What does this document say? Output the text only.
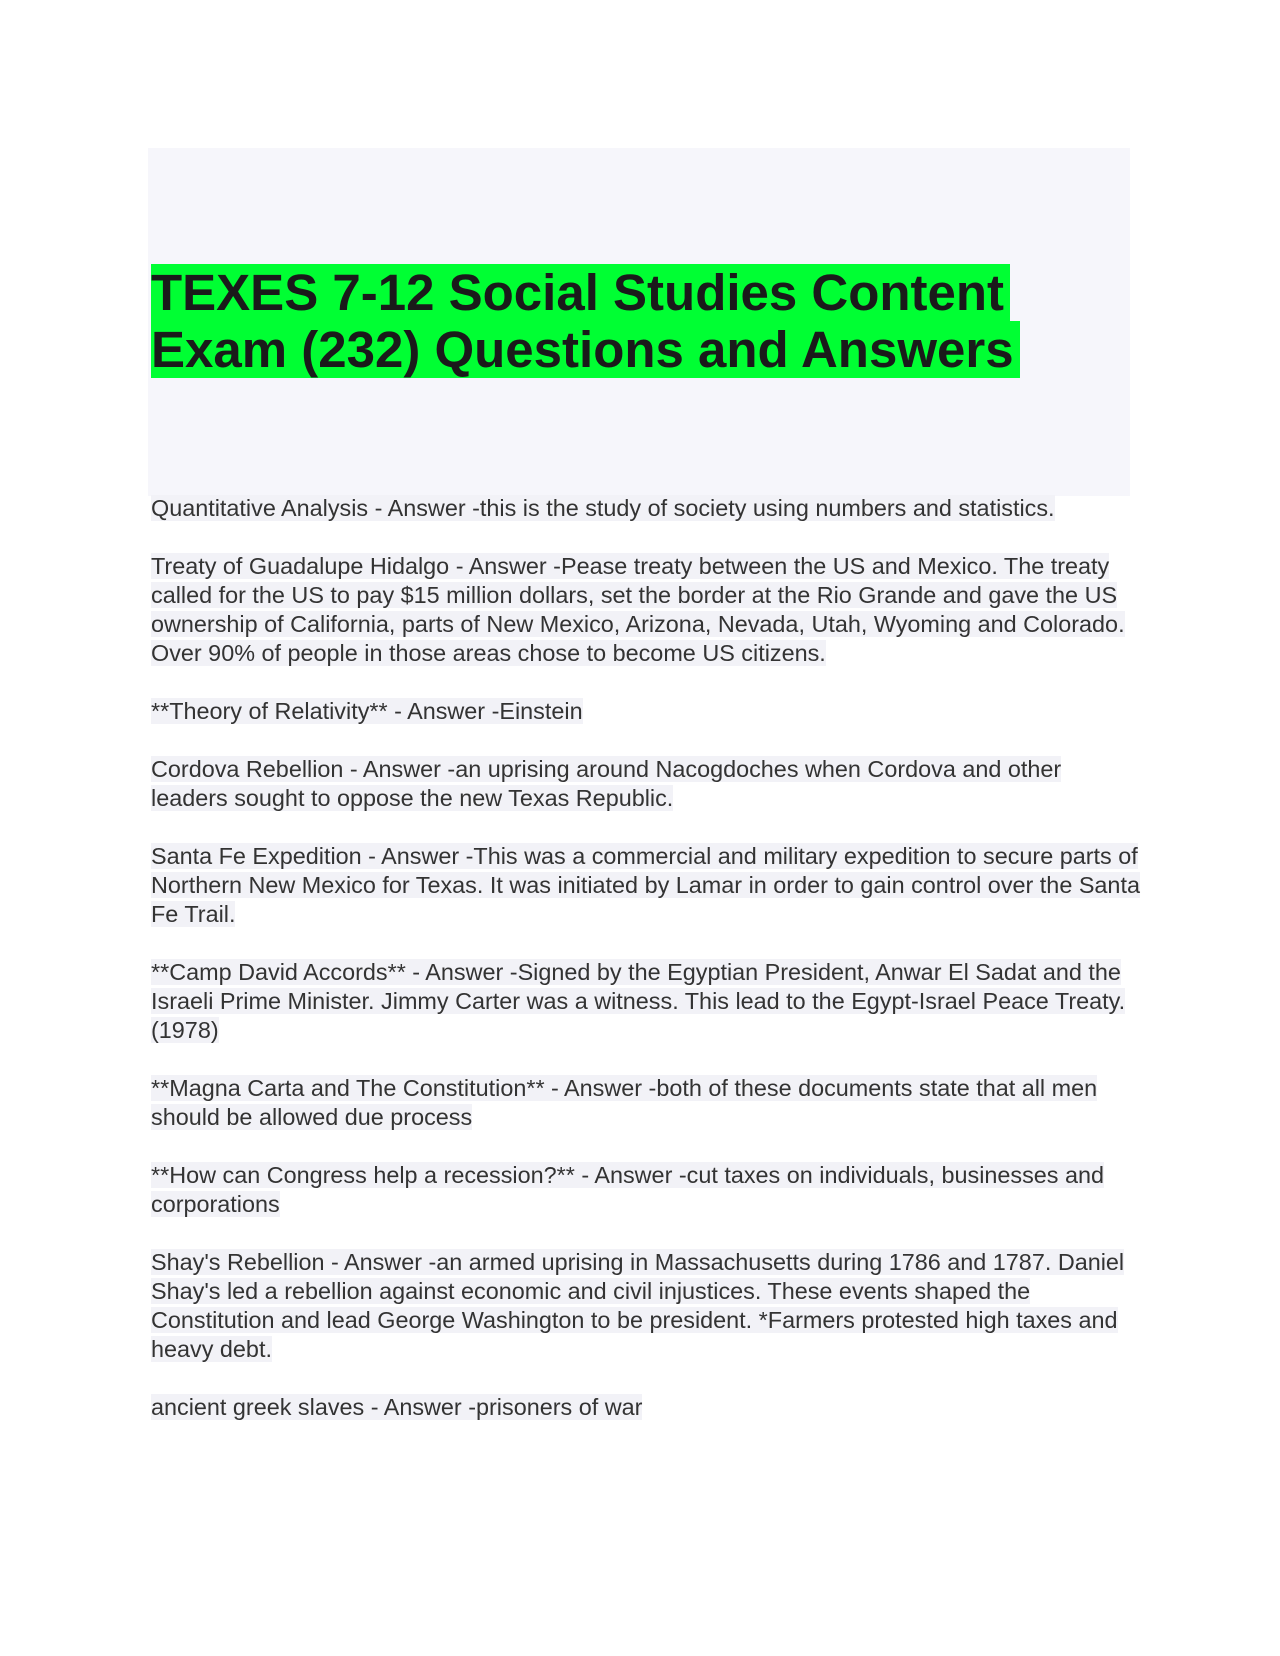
TEXES 7-12 Social Studies Content
Exam (232) Questions and Answers

Quantitative Analysis - Answer -this is the study of society using numbers and statistics.

Treaty of Guadalupe Hidalgo - Answer -Pease treaty between the US and Mexico. The treaty called for the US to pay $15 million dollars, set the border at the Rio Grande and gave the US ownership of California, parts of New Mexico, Arizona, Nevada, Utah, Wyoming and Colorado. Over 90% of people in those areas chose to become US citizens.

**Theory of Relativity** - Answer -Einstein

Cordova Rebellion - Answer -an uprising around Nacogdoches when Cordova and other leaders sought to oppose the new Texas Republic.

Santa Fe Expedition - Answer -This was a commercial and military expedition to secure parts of Northern New Mexico for Texas. It was initiated by Lamar in order to gain control over the Santa Fe Trail.

**Camp David Accords** - Answer -Signed by the Egyptian President, Anwar El Sadat and the Israeli Prime Minister. Jimmy Carter was a witness. This lead to the Egypt-Israel Peace Treaty. (1978)

**Magna Carta and The Constitution** - Answer -both of these documents state that all men should be allowed due process

**How can Congress help a recession?** - Answer -cut taxes on individuals, businesses and corporations

Shay's Rebellion - Answer -an armed uprising in Massachusetts during 1786 and 1787. Daniel Shay's led a rebellion against economic and civil injustices. These events shaped the Constitution and lead George Washington to be president. *Farmers protested high taxes and heavy debt.

ancient greek slaves - Answer -prisoners of war
